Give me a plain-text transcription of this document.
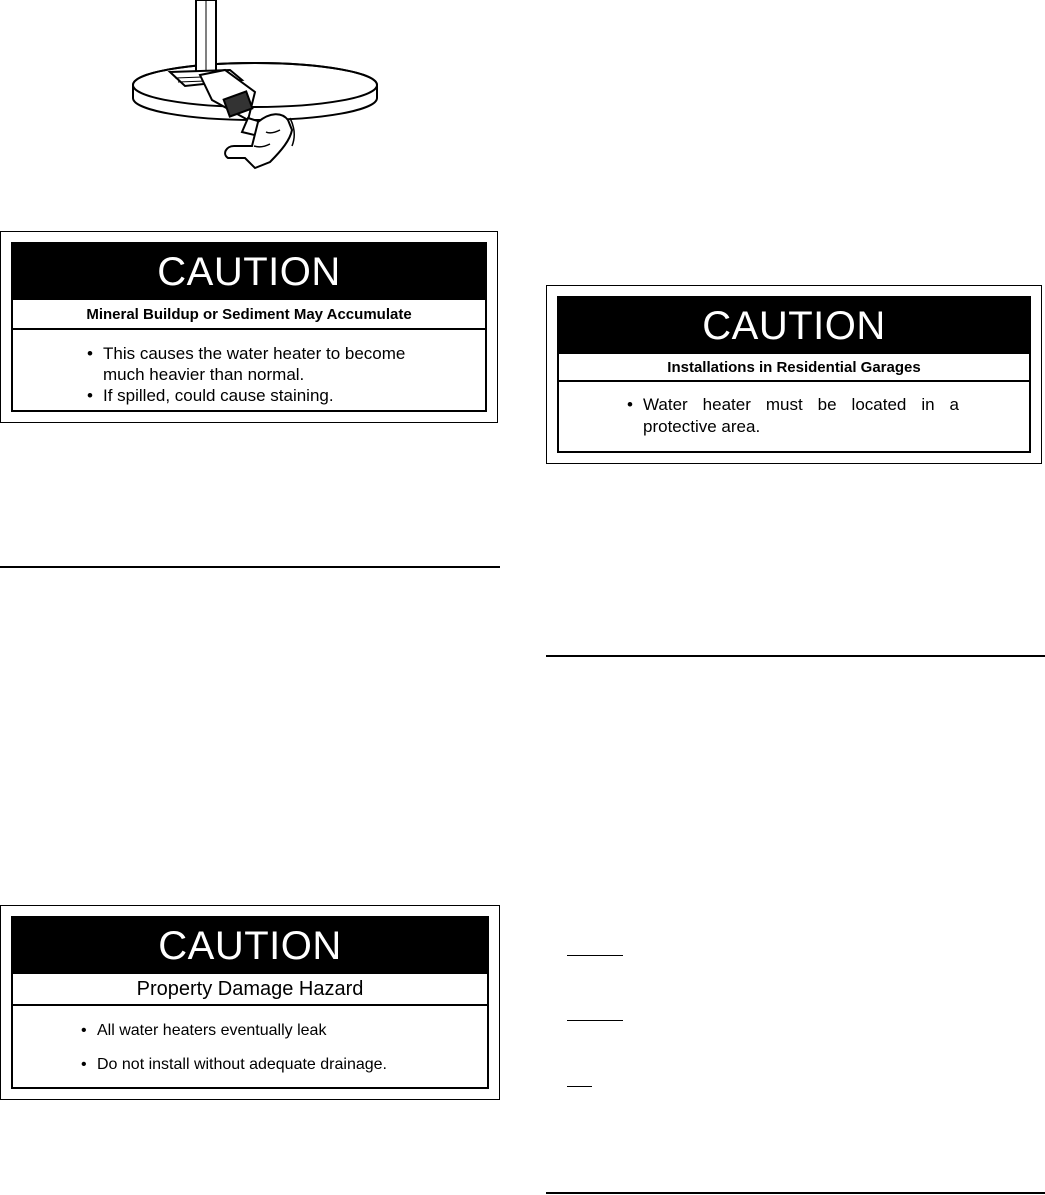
CAUTION
Mineral Buildup or Sediment May Accumulate
• This causes the water heater to become much heavier than normal.
• If spilled, could cause staining.
CAUTION
Installations in Residential Garages
• Water heater must be located in a protective area.
CAUTION
Property Damage Hazard
• All water heaters eventually leak
• Do not install without adequate drainage.
